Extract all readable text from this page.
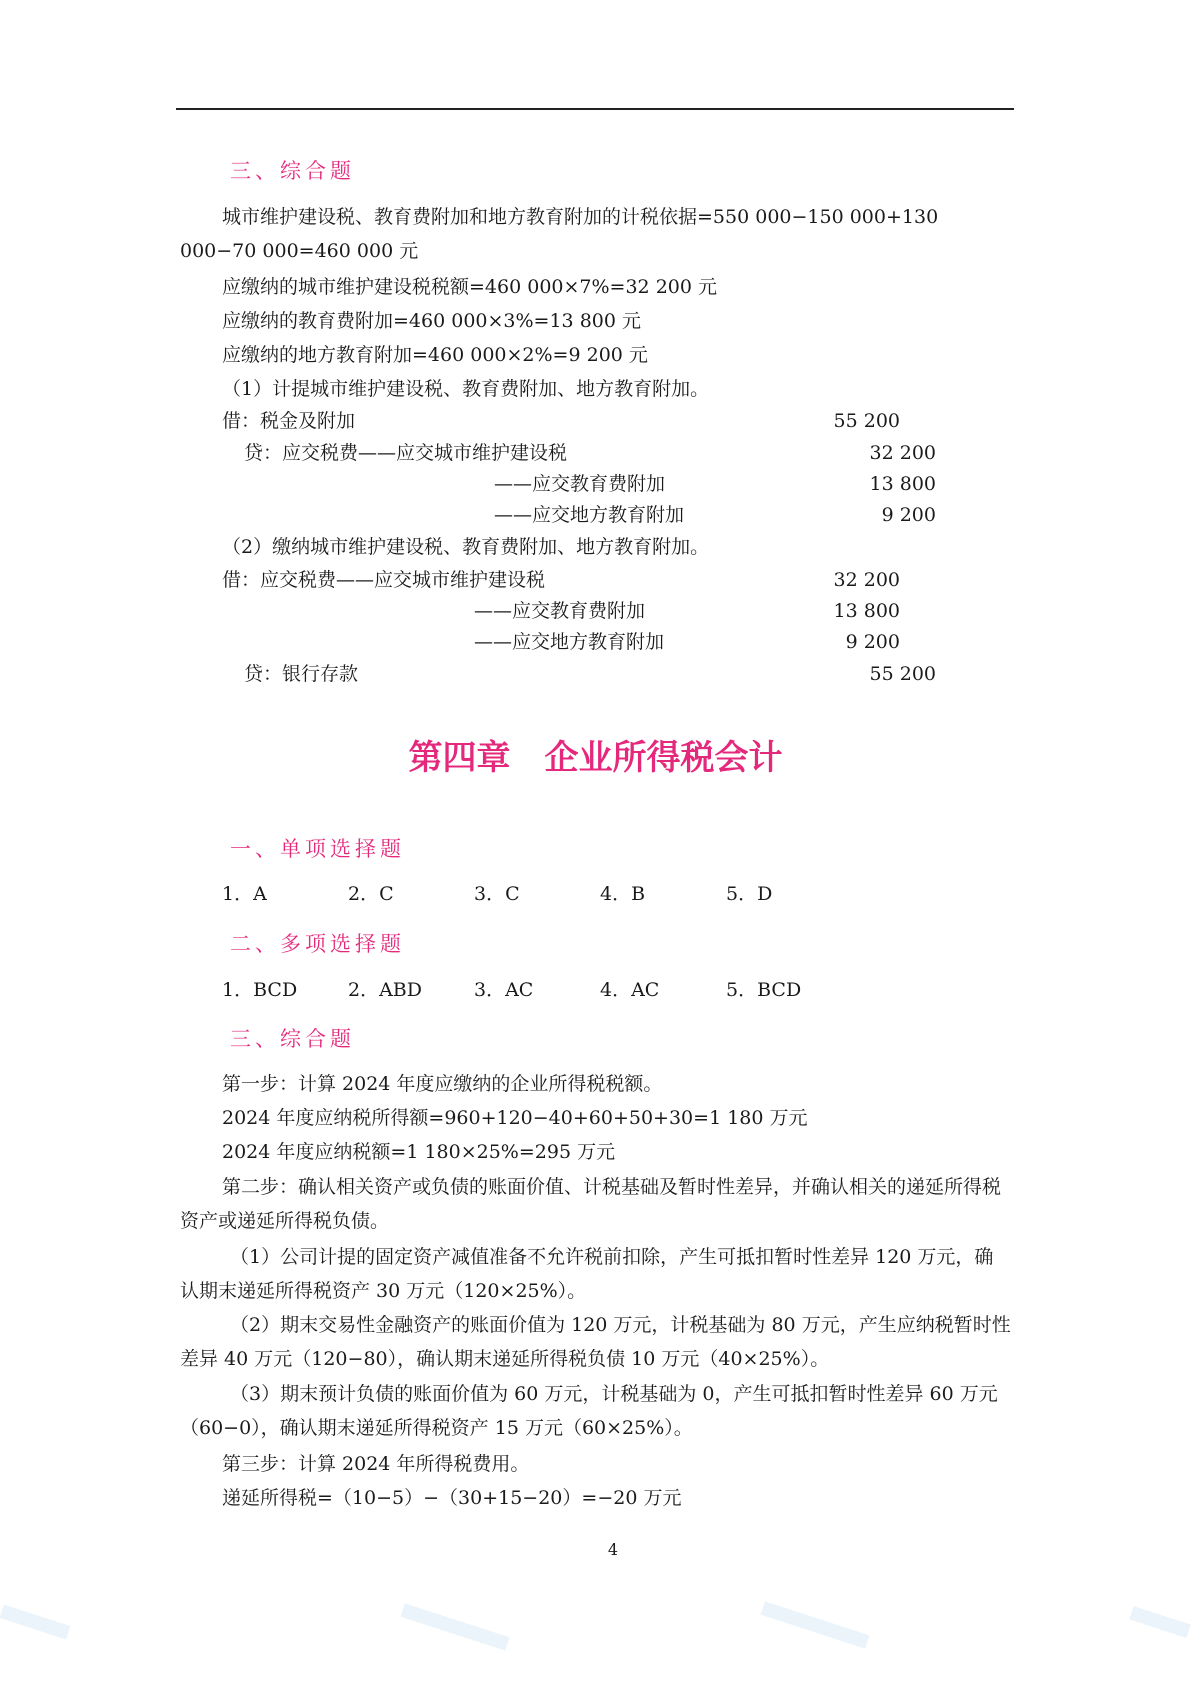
三、综合题
城市维护建设税、教育费附加和地方教育附加的计税依据=550 000−150 000+130 000−70 000=460 000 元
应缴纳的城市维护建设税税额=460 000×7%=32 200 元
应缴纳的教育费附加=460 000×3%=13 800 元
应缴纳的地方教育附加=460 000×2%=9 200 元
（1）计提城市维护建设税、教育费附加、地方教育附加。
借：税金及附加	55 200
贷：应交税费——应交城市维护建设税	32 200
——应交教育费附加	13 800
——应交地方教育附加	9 200
（2）缴纳城市维护建设税、教育费附加、地方教育附加。
借：应交税费——应交城市维护建设税	32 200
——应交教育费附加	13 800
——应交地方教育附加	9 200
贷：银行存款	55 200
第四章　企业所得税会计
一、单项选择题
1．A	2．C	3．C	4．B	5．D
二、多项选择题
1．BCD	2．ABD	3．AC	4．AC	5．BCD
三、综合题
第一步：计算 2024 年度应缴纳的企业所得税税额。
2024 年度应纳税所得额=960+120−40+60+50+30=1 180 万元
2024 年度应纳税额=1 180×25%=295 万元
第二步：确认相关资产或负债的账面价值、计税基础及暂时性差异，并确认相关的递延所得税资产或递延所得税负债。
（1）公司计提的固定资产减值准备不允许税前扣除，产生可抵扣暂时性差异 120 万元，确认期末递延所得税资产 30 万元（120×25%）。
（2）期末交易性金融资产的账面价值为 120 万元，计税基础为 80 万元，产生应纳税暂时性差异 40 万元（120−80），确认期末递延所得税负债 10 万元（40×25%）。
（3）期末预计负债的账面价值为 60 万元，计税基础为 0，产生可抵扣暂时性差异 60 万元（60−0），确认期末递延所得税资产 15 万元（60×25%）。
第三步：计算 2024 年所得税费用。
递延所得税=（10−5）−（30+15−20）=−20 万元
4
